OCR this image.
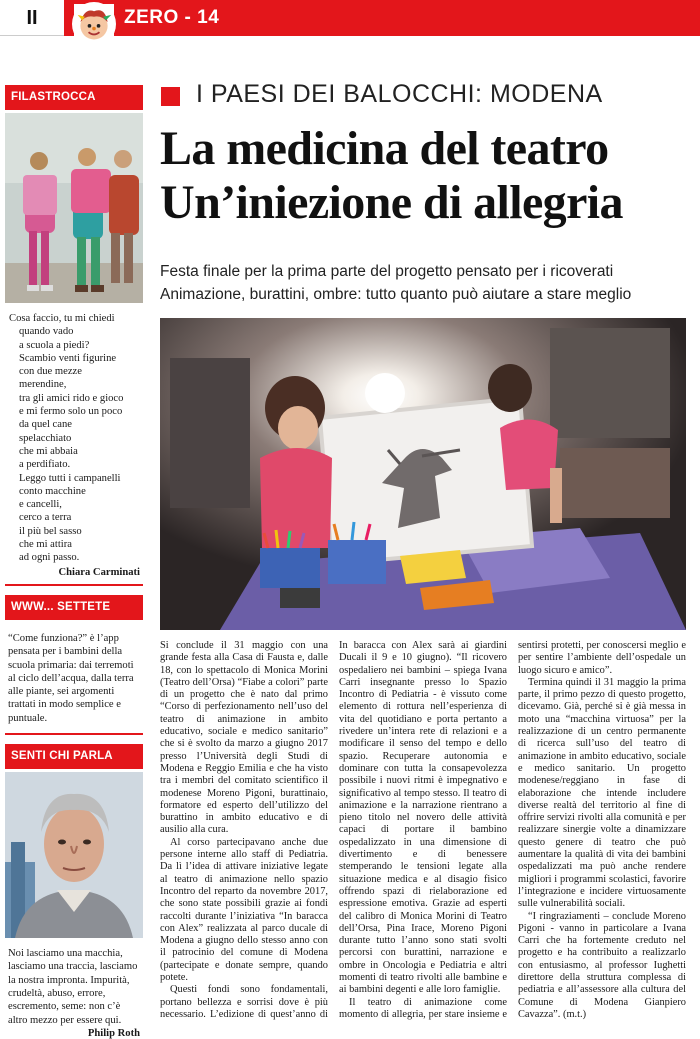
II	ZERO - 14
FILASTROCCA
Cosa faccio, tu mi chiedi
quando vado
a scuola a piedi?
Scambio venti figurine
con due mezze
merendine,
tra gli amici rido e gioco
e mi fermo solo un poco
da quel cane
spelacchiato
che mi abbaia
a perdifiato.
Leggo tutti i campanelli
conto macchine
e cancelli,
cerco a terra
il più bel sasso
che mi attira
ad ogni passo.
Chiara Carminati
WWW... SETTETE

“Come funziona?” è l’app pensata per i bambini della scuola primaria: dai terremoti al ciclo dell’acqua, dalla terra alle piante, sei argomenti trattati in modo semplice e puntuale.

SENTI CHI PARLA

Noi lasciamo una macchia, lasciamo una traccia, lasciamo la nostra impronta. Impurità, crudeltà, abuso, errore, escremento, seme: non c’è altro mezzo per essere qui.

Philip Roth
I PAESI DEI BALOCCHI: MODENA
La medicina del teatro
Un’iniezione di allegria
Festa finale per la prima parte del progetto pensato per i ricoverati
Animazione, burattini, ombre: tutto quanto può aiutare a stare meglio

Si conclude il 31 maggio con una grande festa alla Casa di Fausta e, dalle 18, con lo spettacolo di Monica Morini (Teatro dell’Orsa) “Fiabe a colori” parte di un progetto che è nato dal primo “Corso di perfezionamento nell’uso del teatro di animazione in ambito educativo, sociale e medico sanitario” che si è svolto da marzo a giugno 2017 presso l’Università degli Studi di Modena e Reggio Emilia e che ha visto tra i membri del comitato scientifico il modenese Moreno Pigoni, burattinaio, formatore ed esperto dell’utilizzo del burattino in ambito educativo e di ausilio alla cura.

Al corso partecipavano anche due persone interne allo staff di Pediatria. Da lì l’idea di attivare iniziative legate al teatro di animazione nello spazio Incontro del reparto da novembre 2017, che sono state possibili grazie ai fondi raccolti durante l’iniziativa “In baracca con Alex” realizzata al parco ducale di Modena a giugno dello stesso anno con il patrocinio del comune di Modena (partecipate e donate sempre, quando potete.

Questi fondi sono fondamentali, portano bellezza e sorrisi dove è più necessario. L’edizione di quest’anno di In baracca con Alex sarà ai giardini Ducali il 9 e 10 giugno). “Il ricovero ospedaliero nei bambini – spiega Ivana Carri insegnante presso lo Spazio Incontro di Pediatria - è vissuto come elemento di rottura nell’esperienza di vita del quotidiano e porta pertanto a rivedere un’intera rete di relazioni e a modificare il senso del tempo e dello spazio. Recuperare autonomia e dominare con tutta la consapevolezza possibile i nuovi ritmi è impegnativo e significativo al tempo stesso. Il teatro di animazione e la narrazione rientrano a pieno titolo nel novero delle attività capaci di portare il bambino ospedalizzato in una dimensione di divertimento e di benessere stemperando le tensioni legate alla situazione medica e al disagio fisico offrendo spazi di rielaborazione ed espressione emotiva. Grazie ad esperti del calibro di Monica Morini di Teatro dell’Orsa, Pina Irace, Moreno Pigoni durante tutto l’anno sono stati svolti percorsi con burattini, narrazione e ombre in Oncologia e Pediatria e altri momenti di teatro rivolti alle bambine e ai bambini degenti e alle loro famiglie.

Il teatro di animazione come momento di allegria, per stare insieme e sentirsi protetti, per conoscersi meglio e per sentire l’ambiente dell’ospedale un luogo sicuro e amico”.

Termina quindi il 31 maggio la prima parte, il primo pezzo di questo progetto, dicevamo. Già, perché si è già messa in moto una “macchina virtuosa” per la realizzazione di un centro permanente di ricerca sull’uso del teatro di animazione in ambito educativo, sociale e medico sanitario. Un progetto modenese/reggiano in fase di elaborazione che intende includere diverse realtà del territorio al fine di offrire servizi rivolti alla comunità e per realizzare sinergie volte a dinamizzare questo genere di teatro che può aumentare la qualità di vita dei bambini ospedalizzati ma può anche rendere migliori i programmi scolastici, favorire l’integrazione e incidere virtuosamente sulle vulnerabilità sociali.

“I ringraziamenti – conclude Moreno Pigoni - vanno in particolare a Ivana Carri che ha fortemente creduto nel progetto e ha contribuito a realizzarlo con entusiasmo, al professor Iughetti direttore della struttura complessa di pediatria e all’assessore alla cultura del Comune di Modena Gianpiero Cavazza”. (m.t.)
